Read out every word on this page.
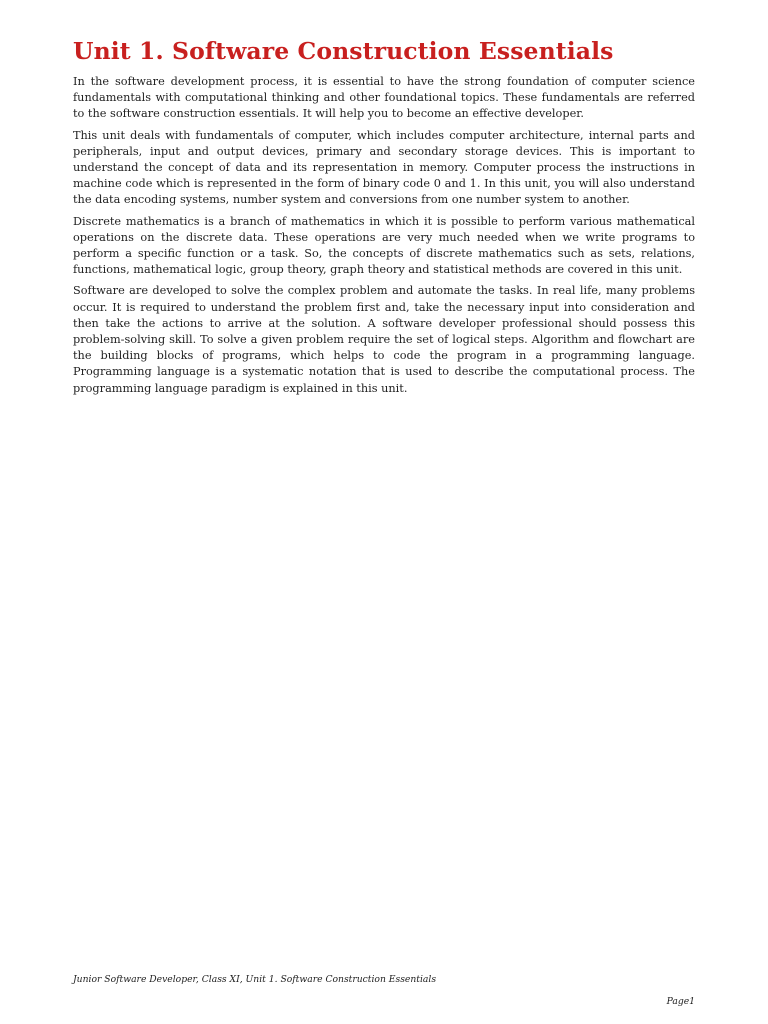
Unit 1. Software Construction Essentials

In the software development process, it is essential to have the strong foundation of computer science fundamentals with computational thinking and other foundational topics. These fundamentals are referred to the software construction essentials. It will help you to become an effective developer.

This unit deals with fundamentals of computer, which includes computer architecture, internal parts and peripherals, input and output devices, primary and secondary storage devices. This is important to understand the concept of data and its representation in memory. Computer process the instructions in machine code which is represented in the form of binary code 0 and 1. In this unit, you will also understand the data encoding systems, number system and conversions from one number system to another.

Discrete mathematics is a branch of mathematics in which it is possible to perform various mathematical operations on the discrete data. These operations are very much needed when we write programs to perform a specific function or a task. So, the concepts of discrete mathematics such as sets, relations, functions, mathematical logic, group theory, graph theory and statistical methods are covered in this unit.

Software are developed to solve the complex problem and automate the tasks. In real life, many problems occur. It is required to understand the problem first and, take the necessary input into consideration and then take the actions to arrive at the solution. A software developer professional should possess this problem-solving skill. To solve a given problem require the set of logical steps. Algorithm and flowchart are the building blocks of programs, which helps to code the program in a programming language. Programming language is a systematic notation that is used to describe the computational process. The programming language paradigm is explained in this unit.

Junior Software Developer, Class XI, Unit 1. Software Construction Essentials
Page1
